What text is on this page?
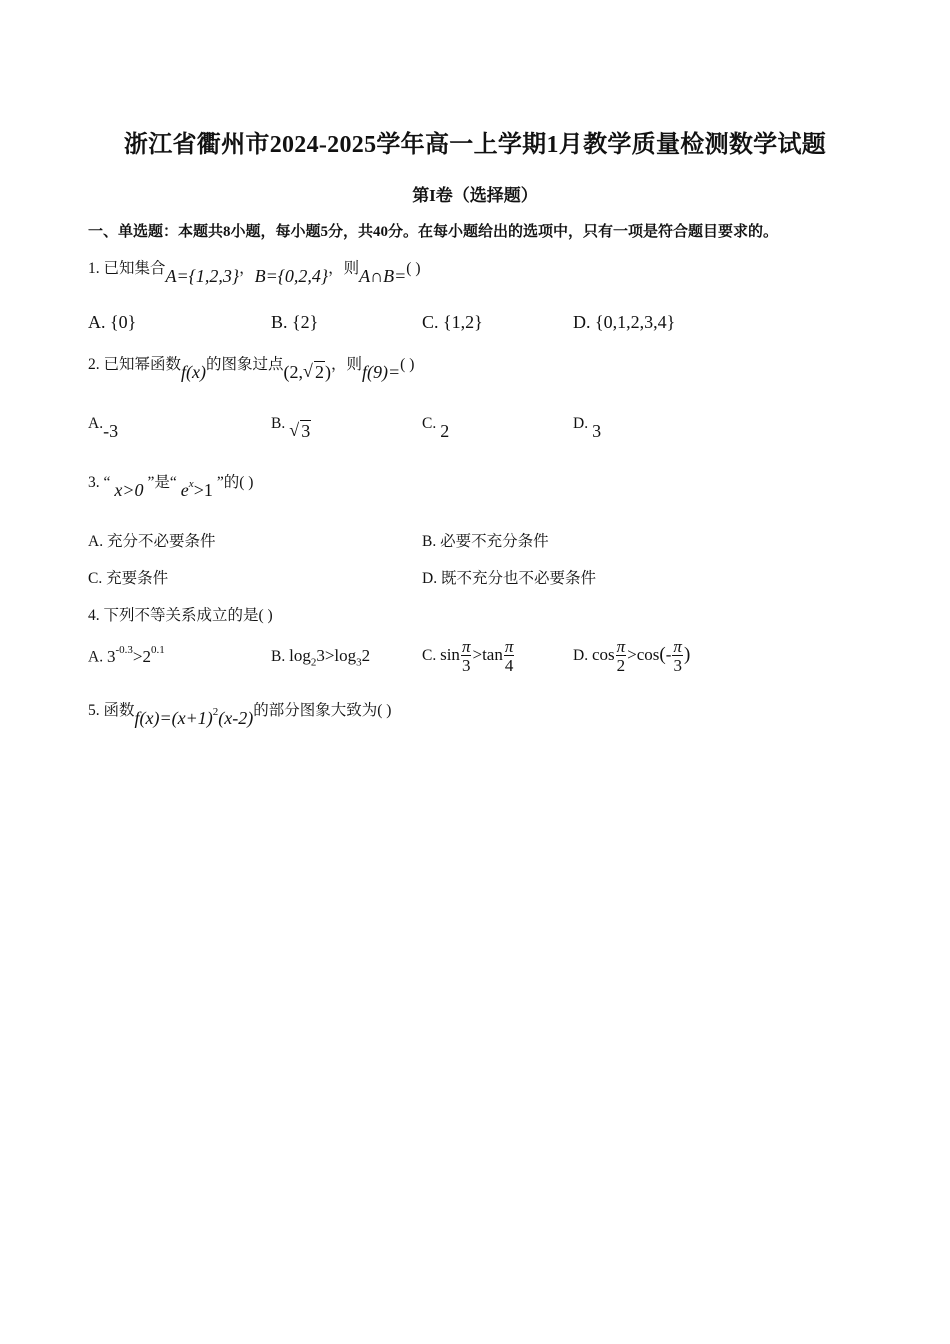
浙江省衢州市2024-2025学年高一上学期1月教学质量检测数学试题
第I卷（选择题）
一、单选题：本题共8小题，每小题5分，共40分。在每小题给出的选项中，只有一项是符合题目要求的。
1. 已知集合A={1,2,3}，B={0,2,4}，则A∩B=( )
A. {0}	B. {2}	C. {1,2}	D. {0,1,2,3,4}
2. 已知幂函数f(x)的图象过点(2, √ 2)，则f(9)=( )
A.-3	B. √ 3	C. 2	D. 3
3. “ x>0 ”是“ $e^x>1$ ”的( )
A. 充分不必要条件	B. 必要不充分条件
C. 充要条件	D. 既不充分也不必要条件
4. 下列不等关系成立的是( )
A. $3^{-0.3}>2^{0.1}$	B. $\log_23>\log_32$	C. $\sin \frac{\pi}{3} >\tan \frac{\pi}{4}$	D. $\cos \frac{\pi}{2} >\cos(- \frac{\pi}{3}$ )
5. 函数$f(x)=(x+1)^2(x-2)$的部分图象大致为( )
